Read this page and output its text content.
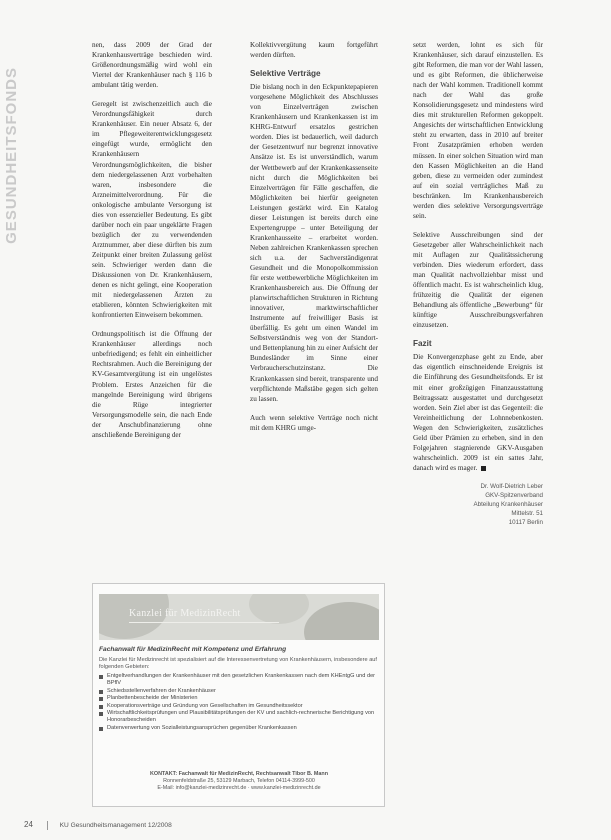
GESUNDHEITSFONDS

nen, dass 2009 der Grad der Krankenhausverträge beschieden wird. Größenordnungsmäßig wird wohl ein Viertel der Krankenhäuser nach § 116 b ambulant tätig werden.

Geregelt ist zwischenzeitlich auch die Verordnungsfähigkeit durch Krankenhäuser. Ein neuer Absatz 6, der im Pflegeweiterentwicklungsgesetz eingefügt wurde, ermöglicht den Krankenhäusern Verordnungsmöglichkeiten, die bisher dem niedergelassenen Arzt vorbehalten waren, insbesondere die Arzneimittelverordnung. Für die onkologische ambulante Versorgung ist dies von essenzieller Bedeutung. Es gibt darüber noch ein paar ungeklärte Fragen bezüglich der zu verwendenden Arztnummer, aber diese dürften bis zum Zeitpunkt einer breiten Zulassung gelöst sein. Schwieriger werden dann die Diskussionen von Dr. Krankenhäusern, denen es nicht gelingt, eine Kooperation mit niedergelassenen Ärzten zu etablieren, könnten Schwierigkeiten mit konfrontierten Einweisern bekommen.

Ordnungspolitisch ist die Öffnung der Krankenhäuser allerdings noch unbefriedigend; es fehlt ein einheitlicher Rechtsrahmen. Auch die Bereinigung der KV-Gesamtvergütung ist ein ungelöstes Problem. Erstes Anzeichen für die mangelnde Bereinigung wird übrigens die Rüge integrierter Versorgungsmodelle sein, die nach Ende der Anschubfinanzierung ohne anschließende Bereinigung der

Kollektivvergütung kaum fortgeführt werden dürften.

Selektive Verträge

Die bislang noch in den Eckpunktepapieren vorgesehene Möglichkeit des Abschlusses von Einzelverträgen zwischen Krankenhäusern und Krankenkassen ist im KHRG-Entwurf ersatzlos gestrichen worden. Dies ist bedauerlich, weil dadurch der Gesetzentwurf nur begrenzt innovative Ansätze ist. Es ist unverständlich, warum der Wettbewerb auf der Krankenkassenseite nicht durch die Möglichkeiten bei Einzelverträgen für Fälle geschaffen, die Möglichkeiten bei hierfür geeigneten Leistungen gestärkt wird. Ein Katalog dieser Leistungen ist bereits durch eine Expertengruppe – unter Beteiligung der Krankenhausseite – erarbeitet worden. Neben zahlreichen Krankenkassen sprechen sich u.a. der Sachverständigenrat Gesundheit und die Monopolkommission für erste wettbewerbliche Möglichkeiten im Krankenhausbereich aus. Die Öffnung der planwirtschaftlichen Strukturen in Richtung innovativer, marktwirtschaftlicher Instrumente auf freiwilliger Basis ist überfällig. Es geht um einen Wandel im Selbstverständnis weg von der Standort- und Bettenplanung hin zu einer Aufsicht der Bundesländer im Sinne einer Verbraucherschutzinstanz. Die Krankenkassen sind bereit, transparente und verpflichtende Maßstäbe gegen sich gelten zu lassen.

Auch wenn selektive Verträge noch nicht mit dem KHRG umge-

setzt werden, lohnt es sich für Krankenhäuser, sich darauf einzustellen. Es gibt Reformen, die man vor der Wahl lassen, und es gibt Reformen, die üblicherweise nach der Wahl kommen. Traditionell kommt nach der Wahl das große Konsolidierungsgesetz und mindestens wird dies mit strukturellen Reformen gekoppelt. Angesichts der wirtschaftlichen Entwicklung steht zu erwarten, dass in 2010 auf breiter Front Zusatzprämien erhoben werden müssen. In einer solchen Situation wird man den Kassen Möglichkeiten an die Hand geben, diese zu vermeiden oder zumindest auf ein sozial verträgliches Maß zu beschränken. Im Krankenhausbereich werden dies selektive Versorgungsverträge sein.

Selektive Ausschreibungen sind der Gesetzgeber aller Wahrscheinlichkeit nach mit Auflagen zur Qualitätssicherung verbinden. Dies wiederum erfordert, dass man Qualität nachvollziehbar misst und öffentlich macht. Es ist wahrscheinlich klug, frühzeitig die Qualität der eigenen Behandlung als öffentliche „Bewerbung“ für künftige Ausschreibungsverfahren einzusetzen.

Fazit

Die Konvergenzphase geht zu Ende, aber das eigentlich einschneidende Ereignis ist die Einführung des Gesundheitsfonds. Er ist mit einer großzügigen Finanzausstattung Beitragssatz ausgestattet und durchgesetzt worden. Sein Ziel aber ist das Gegenteil: die Vereinheitlichung der Lohnnebenkosten. Wegen den Schwierigkeiten, zusätzliches Geld über Prämien zu erheben, sind in den Folgejahren stagnierende GKV-Ausgaben wahrscheinlich. 2009 ist ein sattes Jahr, danach wird es mager.

Dr. Wolf-Dietrich Leber
GKV-Spitzenverband
Abteilung Krankenhäuser
Mittelstr. 51
10117 Berlin
Kanzlei für MedizinRecht
Fachanwalt für MedizinRecht mit Kompetenz und Erfahrung
Die Kanzlei für Medizinrecht ist spezialisiert auf die Interessenvertretung von Krankenhäusern, insbesondere auf folgenden Gebieten:
Entgeltverhandlungen der Krankenhäuser mit den gesetzlichen Krankenkassen nach dem KHEntgG und der BPflV
Schiedsstellenverfahren der Krankenhäuser
Planbettenbescheide der Ministerien
Kooperationsverträge und Gründung von Gesellschaften im Gesundheitssektor
Wirtschaftlichkeitsprüfungen und Plausibilitätsprüfungen der KV und sachlich-rechnerische Berichtigung von Honorarbescheiden
Datenverwertung von Sozialleistungsansprüchen gegenüber Krankenkassen
KONTAKT: Fachanwalt für MedizinRecht, Rechtsanwalt Tibor B. Mann
Ronnenfeldstraße 25, 53129 Marbach, Telefon 04114-3999-500
E-Mail: info@kanzlei-medizinrecht.de · www.kanzlei-medizinrecht.de
24	KU Gesundheitsmanagement 12/2008
